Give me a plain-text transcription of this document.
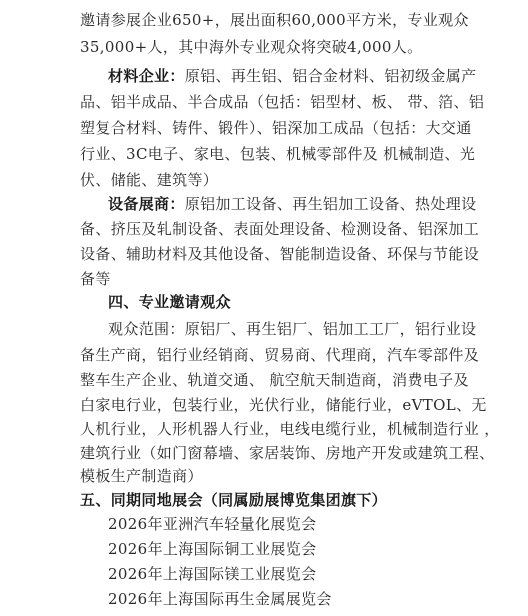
邀请参展企业650+，展出面积60,000平方米，专业观众
35,000+人，其中海外专业观众将突破4,000人。
材料企业：原铝、再生铝、铝合金材料、铝初级金属产
品、铝半成品、半合成品（包括：铝型材、板、 带、箔、铝
塑复合材料、铸件、锻件）、铝深加工成品（包括：大交通
行业、3C电子、家电、包装、机械零部件及 机械制造、光
伏、储能、建筑等）
设备展商：原铝加工设备、再生铝加工设备、热处理设
备、挤压及轧制设备、表面处理设备、检测设备、铝深加工
设备、辅助材料及其他设备、智能制造设备、环保与节能设
备等
四、专业邀请观众
观众范围：原铝厂、再生铝厂、铝加工工厂，铝行业设
备生产商，铝行业经销商、贸易商、代理商，汽车零部件及
整车生产企业、轨道交通、 航空航天制造商，消费电子及
白家电行业，包装行业，光伏行业，储能行业，eVTOL、无
人机行业，人形机器人行业，电线电缆行业，机械制造行业 ，
建筑行业（如门窗幕墙、家居装饰、房地产开发或建筑工程、
模板生产制造商）
五、同期同地展会（同属励展博览集团旗下）
2026年亚洲汽车轻量化展览会
2026年上海国际铜工业展览会
2026年上海国际镁工业展览会
2026年上海国际再生金属展览会
